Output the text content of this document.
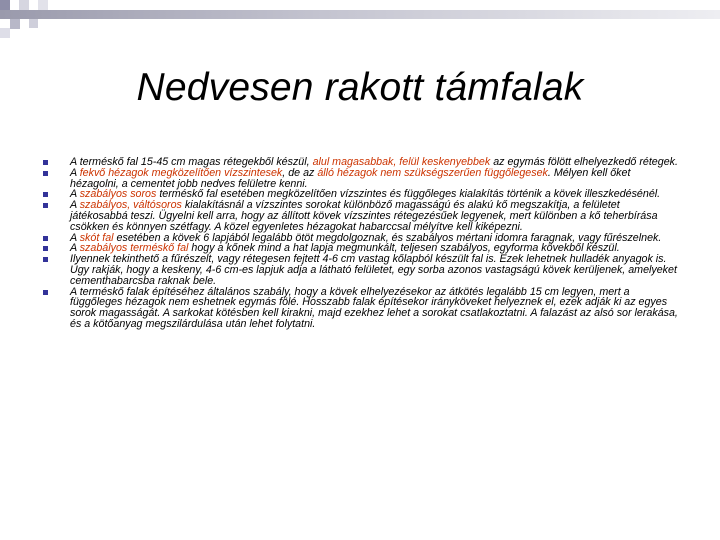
Nedvesen rakott támfalak
A terméskő fal 15-45 cm magas rétegekből készül, alul magasabbak, felül keskenyebbek az egymás fölött elhelyezkedő rétegek.
A fekvő hézagok megközelítően vízszintesek, de az álló hézagok nem szükségszerűen függőlegesek. Mélyen kell őket hézagolni, a cementet jobb nedves felületre kenni.
A szabályos soros terméskő fal esetében megközelítően vízszintes és függőleges kialakítás történik a kövek illeszkedésénél.
A szabályos, váltósoros kialakításnál a vízszintes sorokat különböző magasságú és alakú kő megszakítja, a felületet játékosabbá teszi. Ügyelni kell arra, hogy az állított kövek vízszintes rétegezésűek legyenek, mert különben a kő teherbírása csökken és könnyen szétfagy. A közel egyenletes hézagokat habarccsal mélyítve kell kiképezni.
A skót fal esetében a kövek 6 lapjából legalább ötöt megdolgoznak, és szabályos mértani idomra faragnak, vagy fűrészelnek.
A szabályos terméskő fal hogy a kőnek mind a hat lapja megmunkált, teljesen szabályos, egyforma kövekből készül.
Ilyennek tekinthető a fűrészelt, vagy rétegesen fejtett 4-6 cm vastag kőlapból készült fal is. Ezek lehetnek hulladék anyagok is. Úgy rakják, hogy a keskeny, 4-6 cm-es lapjuk adja a látható felületet, egy sorba azonos vastagságú kövek kerüljenek, amelyeket cementhabarcsba raknak bele.
A terméskő falak építéséhez általános szabály, hogy a kövek elhelyezésekor az átkötés legalább 15 cm legyen, mert a függőleges hézagok nem eshetnek egymás fölé. Hosszabb falak építésekor irányköveket helyeznek el, ezek adják ki az egyes sorok magasságát. A sarkokat kötésben kell kirakni, majd ezekhez lehet a sorokat csatlakoztatni. A falazást az alsó sor lerakása, és a kötőanyag megszilárdulása után lehet folytatni.
